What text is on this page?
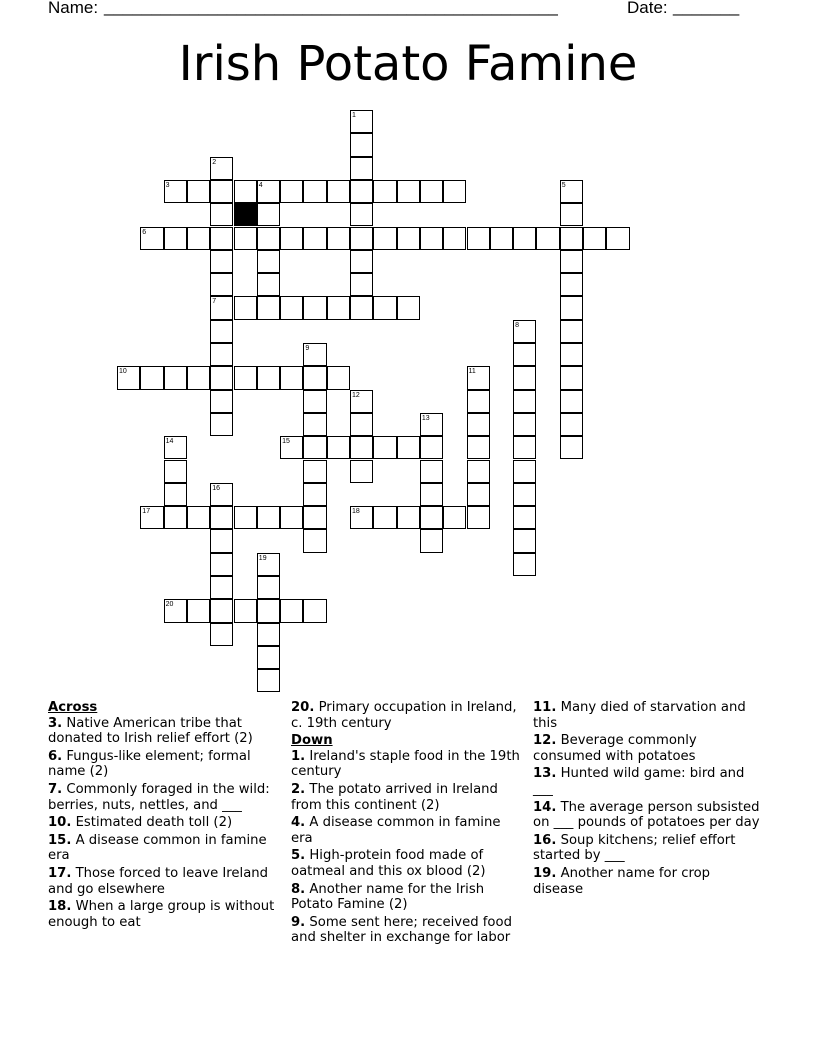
Name: ________________________________________________	Date: _______
Irish Potato Famine
1
2
3	4	5
6
7
8
9
10	11
12
13
14	15
16
17	18
19
20
Across
3. Native American tribe that donated to Irish relief effort (2)
6. Fungus-like element; formal name (2)
7. Commonly foraged in the wild: berries, nuts, nettles, and ___
10. Estimated death toll (2)
15. A disease common in famine era
17. Those forced to leave Ireland and go elsewhere
18. When a large group is without enough to eat
20. Primary occupation in Ireland, c. 19th century
Down
1. Ireland's staple food in the 19th century
2. The potato arrived in Ireland from this continent (2)
4. A disease common in famine era
5. High-protein food made of oatmeal and this ox blood (2)
8. Another name for the Irish Potato Famine (2)
9. Some sent here; received food and shelter in exchange for labor
11. Many died of starvation and this
12. Beverage commonly consumed with potatoes
13. Hunted wild game: bird and ___
14. The average person subsisted on ___ pounds of potatoes per day
16. Soup kitchens; relief effort started by ___
19. Another name for crop disease
